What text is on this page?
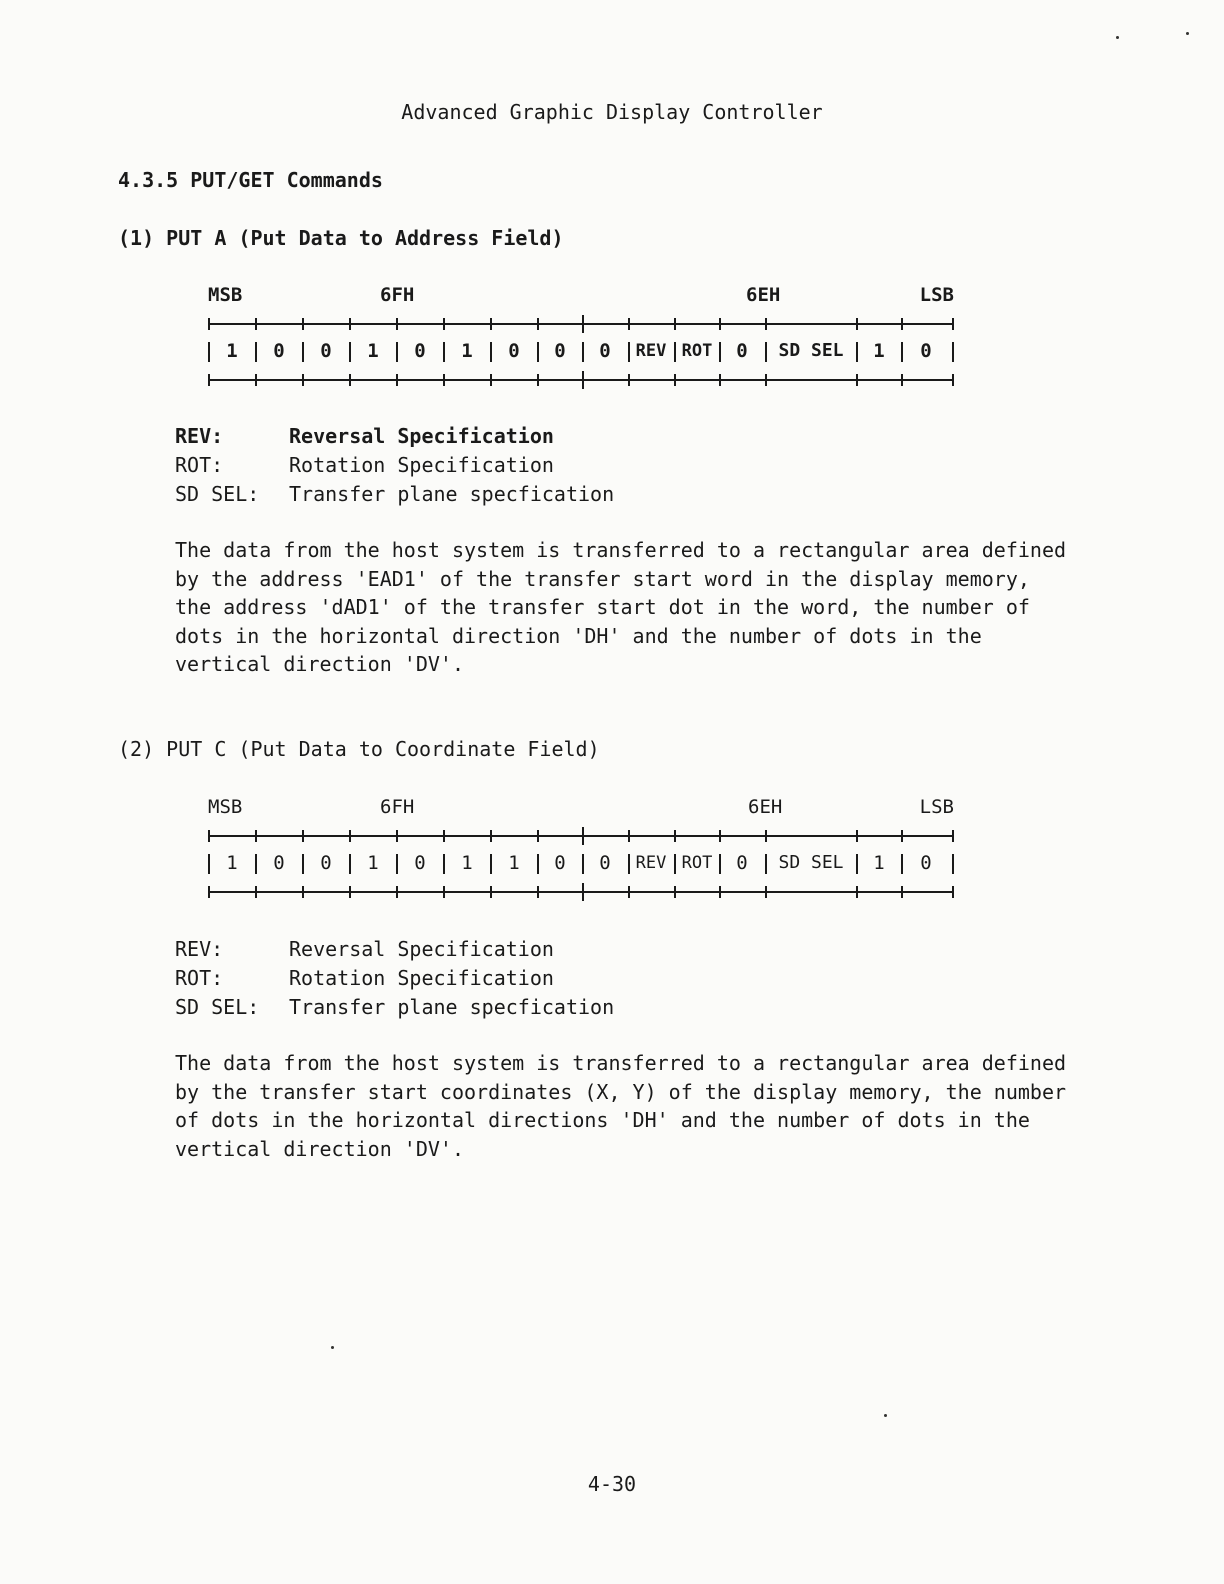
Advanced Graphic Display Controller
4.3.5 PUT/GET Commands
(1) PUT A (Put Data to Address Field)
MSB	6FH	6EH	LSB
1 0 0 1 0 1 0 0 0 REV ROT 0 SD SEL 1 0
REV:	Reversal Specification
ROT:	Rotation Specification
SD SEL: Transfer plane specfication
The data from the host system is transferred to a rectangular area defined
by the address 'EAD1' of the transfer start word in the display memory,
the address 'dAD1' of the transfer start dot in the word, the number of
dots in the horizontal direction 'DH' and the number of dots in the
vertical direction 'DV'.
(2) PUT C (Put Data to Coordinate Field)
MSB	6FH	6EH	LSB
1 0 0 1 0 1 1 0 0 REV ROT 0 SD SEL 1 0
REV:	Reversal Specification
ROT:	Rotation Specification
SD SEL: Transfer plane specfication
The data from the host system is transferred to a rectangular area defined
by the transfer start coordinates (X, Y) of the display memory, the number
of dots in the horizontal directions 'DH' and the number of dots in the
vertical direction 'DV'.
4-30
